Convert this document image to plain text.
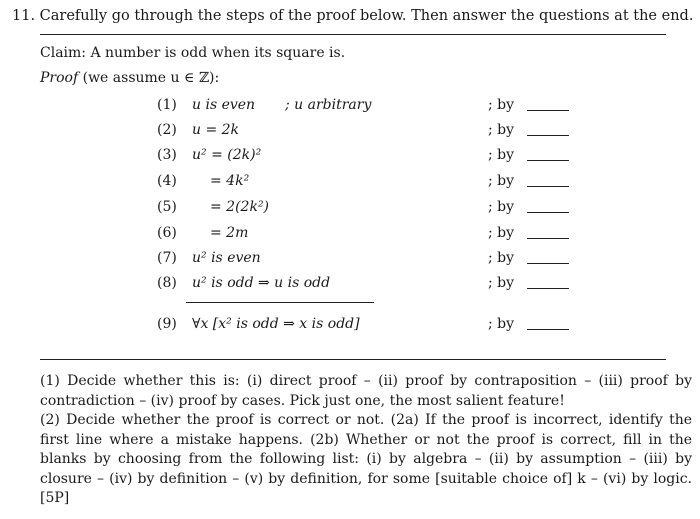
11. Carefully go through the steps of the proof below. Then answer the questions at the end.
Claim: A number is odd when its square is.
Proof (we assume u ∈ ℤ):
(1) u is even ; u arbitrary	; by
(2) u = 2k	; by
(3) u² = (2k)²	; by
(4) = 4k²	; by
(5) = 2(2k²)	; by
(6) = 2m	; by
(7) u² is even	; by
(8) u² is odd ⇒ u is odd	; by
(9) ∀x [x² is odd ⇒ x is odd]	; by

(1) Decide whether this is: (i) direct proof – (ii) proof by contraposition – (iii) proof by contradiction – (iv) proof by cases. Pick just one, the most salient feature!

(2) Decide whether the proof is correct or not. (2a) If the proof is incorrect, identify the first line where a mistake happens. (2b) Whether or not the proof is correct, fill in the blanks by choosing from the following list: (i) by algebra – (ii) by assumption – (iii) by closure – (iv) by definition – (v) by definition, for some [suitable choice of] k – (vi) by logic. [5P]
